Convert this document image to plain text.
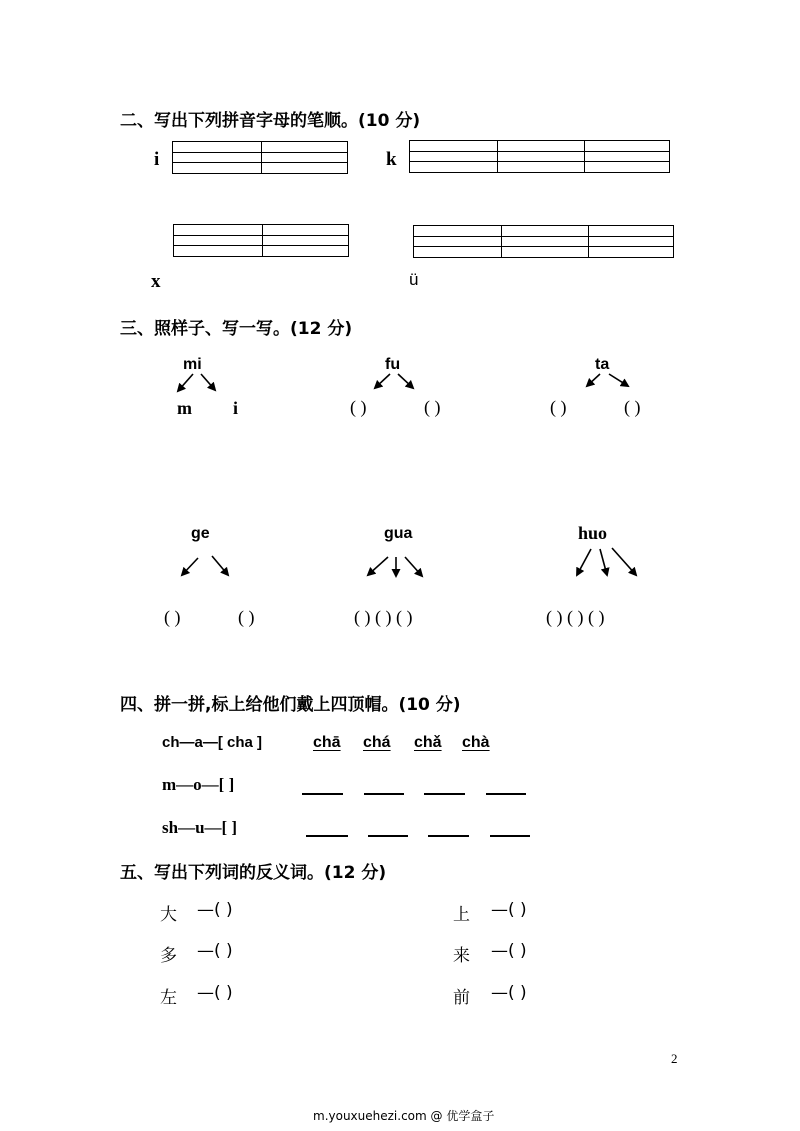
二、写出下列拼音字母的笔顺。(10 分)
i	k
x	ü
三、照样子、写一写。(12 分)
mi
m i
fu
( )	( )
ta
( )	( )
ge	gua	huo
( )	( )	( ) ( ) ( )	( ) ( ) ( )
四、拼一拼,标上给他们戴上四顶帽。(10 分)
ch—a—[ cha ]	chā chá chǎ chà
m—o—[ ]
sh—u—[ ]
五、写出下列词的反义词。(12 分)
大 —( )	上 —( )
多 —( )	来 —( )
左 —( )	前 —( )
2
m.youxuehezi.com @ 优学盒子
